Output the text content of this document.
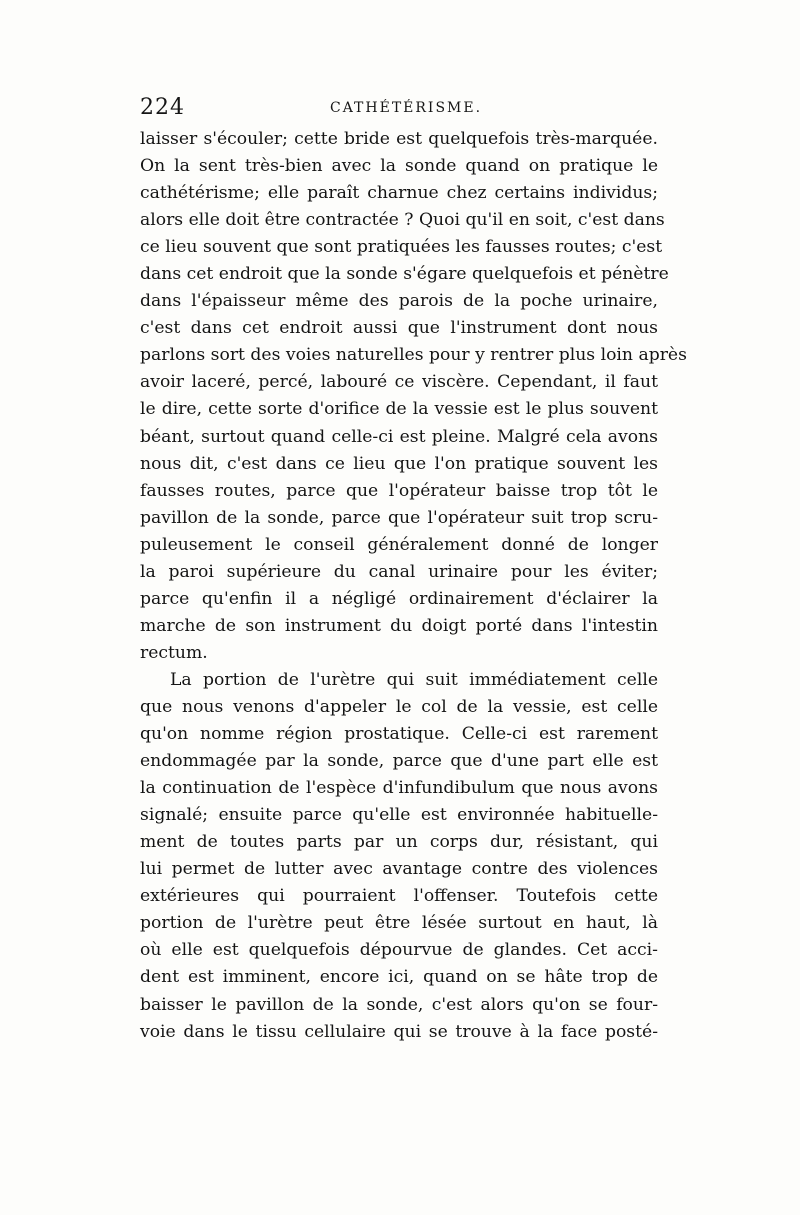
224	CATHÉTÉRISME.
laisser s'écouler; cette bride est quelquefois très-marquée.
On la sent très-bien avec la sonde quand on pratique le
cathétérisme; elle paraît charnue chez certains individus;
alors elle doit être contractée ? Quoi qu'il en soit, c'est dans
ce lieu souvent que sont pratiquées les fausses routes; c'est
dans cet endroit que la sonde s'égare quelquefois et pénètre
dans l'épaisseur même des parois de la poche urinaire,
c'est dans cet endroit aussi que l'instrument dont nous
parlons sort des voies naturelles pour y rentrer plus loin après
avoir laceré, percé, labouré ce viscère. Cependant, il faut
le dire, cette sorte d'orifice de la vessie est le plus souvent
béant, surtout quand celle-ci est pleine. Malgré cela avons
nous dit, c'est dans ce lieu que l'on pratique souvent les
fausses routes, parce que l'opérateur baisse trop tôt le
pavillon de la sonde, parce que l'opérateur suit trop scru-
puleusement le conseil généralement donné de longer
la paroi supérieure du canal urinaire pour les éviter;
parce qu'enfin il a négligé ordinairement d'éclairer la
marche de son instrument du doigt porté dans l'intestin
rectum.
La portion de l'urètre qui suit immédiatement celle
que nous venons d'appeler le col de la vessie, est celle
qu'on nomme région prostatique. Celle-ci est rarement
endommagée par la sonde, parce que d'une part elle est
la continuation de l'espèce d'infundibulum que nous avons
signalé; ensuite parce qu'elle est environnée habituelle-
ment de toutes parts par un corps dur, résistant, qui
lui permet de lutter avec avantage contre des violences
extérieures qui pourraient l'offenser. Toutefois cette
portion de l'urètre peut être lésée surtout en haut, là
où elle est quelquefois dépourvue de glandes. Cet acci-
dent est imminent, encore ici, quand on se hâte trop de
baisser le pavillon de la sonde, c'est alors qu'on se four-
voie dans le tissu cellulaire qui se trouve à la face posté-
